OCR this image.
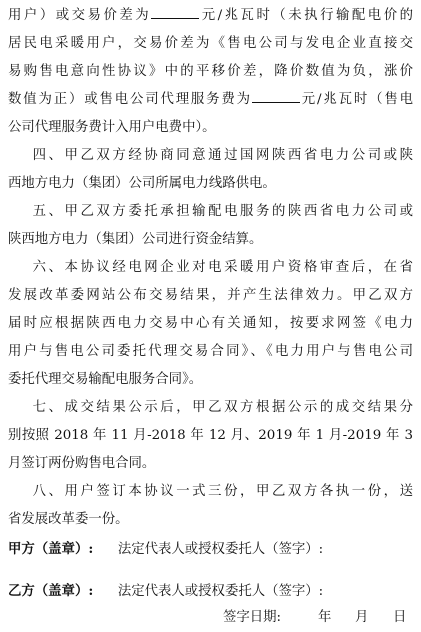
用户）或交易价差为	元/兆瓦时（未执行输配电价的
居民电采暖用户，交易价差为《售电公司与发电企业直接交
易购售电意向性协议》中的平移价差，降价数值为负，涨价
数值为正）或售电公司代理服务费为	元/兆瓦时（售电
公司代理服务费计入用户电费中）。
四、甲乙双方经协商同意通过国网陕西省电力公司或陕
西地方电力（集团）公司所属电力线路供电。
五、甲乙双方委托承担输配电服务的陕西省电力公司或
陕西地方电力（集团）公司进行资金结算。
六、本协议经电网企业对电采暖用户资格审查后，在省
发展改革委网站公布交易结果，并产生法律效力。甲乙双方
届时应根据陕西电力交易中心有关通知，按要求网签《电力
用户与售电公司委托代理交易合同》、《电力用户与售电公司
委托代理交易输配电服务合同》。
七、成交结果公示后，甲乙双方根据公示的成交结果分
别按照 2018 年 11 月-2018 年 12 月、2019 年 1 月-2019 年 3
月签订两份购售电合同。
八、用户签订本协议一式三份，甲乙双方各执一份，送
省发展改革委一份。
甲方（盖章）: 法定代表人或授权委托人（签字）:
乙方（盖章）: 法定代表人或授权委托人（签字）:
签字日期:	年 月 日
